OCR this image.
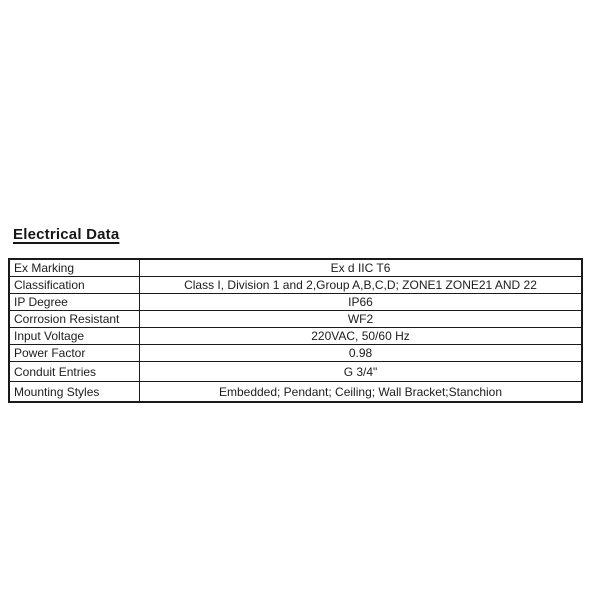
Electrical Data
Ex Marking	Ex d IIC T6
Classification	Class I, Division 1 and 2,Group A,B,C,D; ZONE1 ZONE21 AND 22
IP Degree	IP66
Corrosion Resistant	WF2
Input Voltage	220VAC, 50/60 Hz
Power Factor	0.98
Conduit Entries	G 3/4"
Mounting Styles	Embedded; Pendant; Ceiling; Wall Bracket;Stanchion
